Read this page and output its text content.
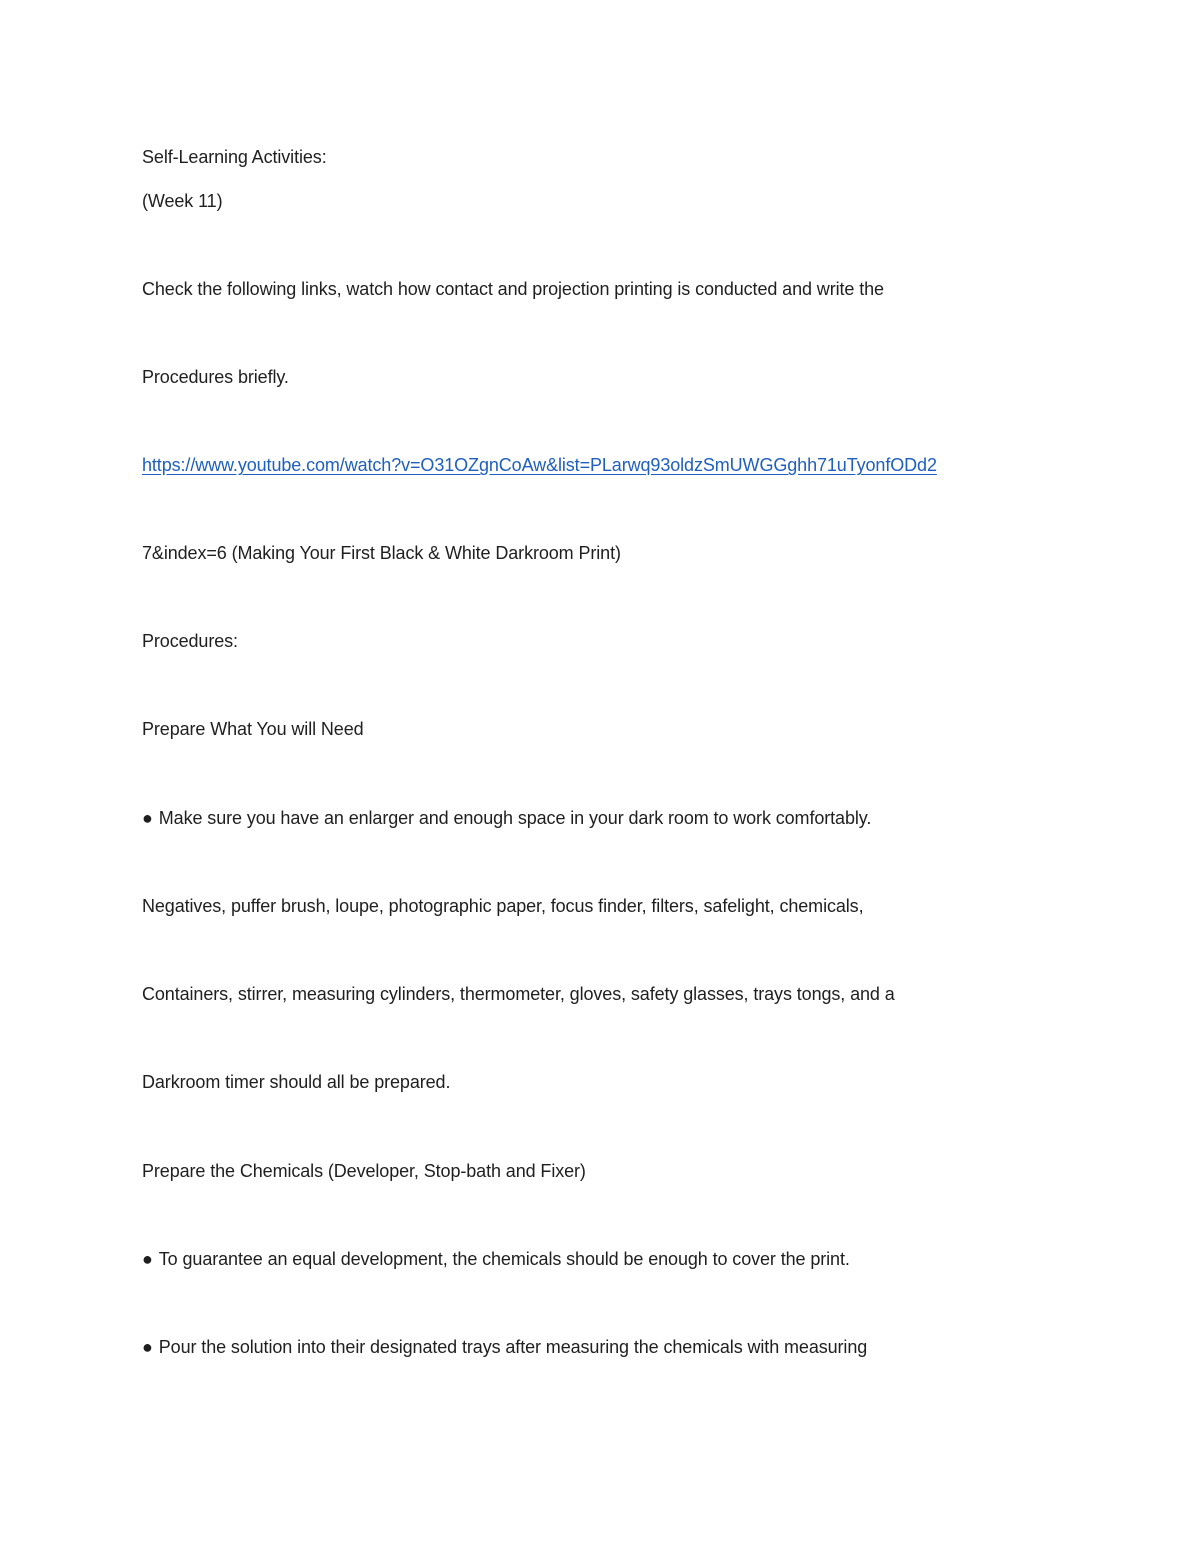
Self-Learning Activities:
(Week 11)
Check the following links, watch how contact and projection printing is conducted and write the
Procedures briefly.
https://www.youtube.com/watch?v=O31OZgnCoAw&list=PLarwq93oldzSmUWGGghh71uTyonfODd2
7&index=6 (Making Your First Black & White Darkroom Print)
Procedures:
Prepare What You will Need
● Make sure you have an enlarger and enough space in your dark room to work comfortably.
Negatives, puffer brush, loupe, photographic paper, focus finder, filters, safelight, chemicals,
Containers, stirrer, measuring cylinders, thermometer, gloves, safety glasses, trays tongs, and a
Darkroom timer should all be prepared.
Prepare the Chemicals (Developer, Stop-bath and Fixer)
● To guarantee an equal development, the chemicals should be enough to cover the print.
● Pour the solution into their designated trays after measuring the chemicals with measuring
